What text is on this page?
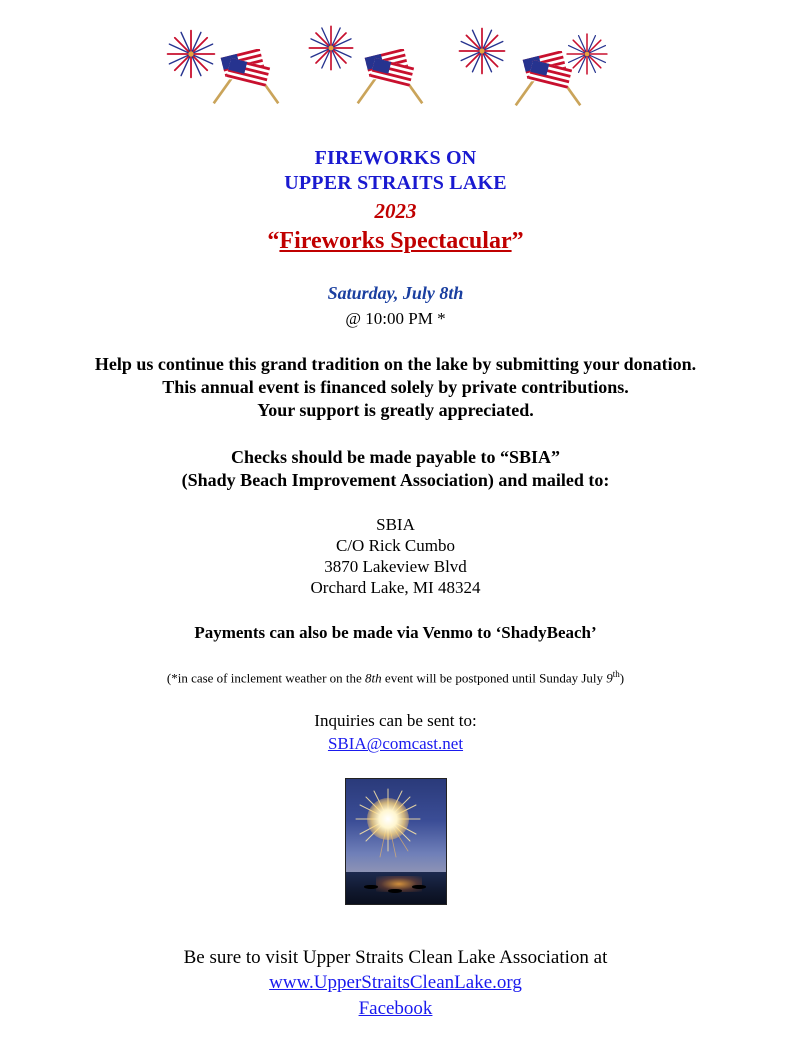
FIREWORKS ON
UPPER STRAITS LAKE
2023
“Fireworks Spectacular”
Saturday, July 8th
@ 10:00 PM *
Help us continue this grand tradition on the lake by submitting your donation.
This annual event is financed solely by private contributions.
Your support is greatly appreciated.
Checks should be made payable to “SBIA”
(Shady Beach Improvement Association) and mailed to:
SBIA
C/O Rick Cumbo
3870 Lakeview Blvd
Orchard Lake, MI 48324
Payments can also be made via Venmo to ‘ShadyBeach’
(*in case of inclement weather on the 8th event will be postponed until Sunday July 9th)
Inquiries can be sent to:
SBIA@comcast.net
Be sure to visit Upper Straits Clean Lake Association at
www.UpperStraitsCleanLake.org
Facebook
